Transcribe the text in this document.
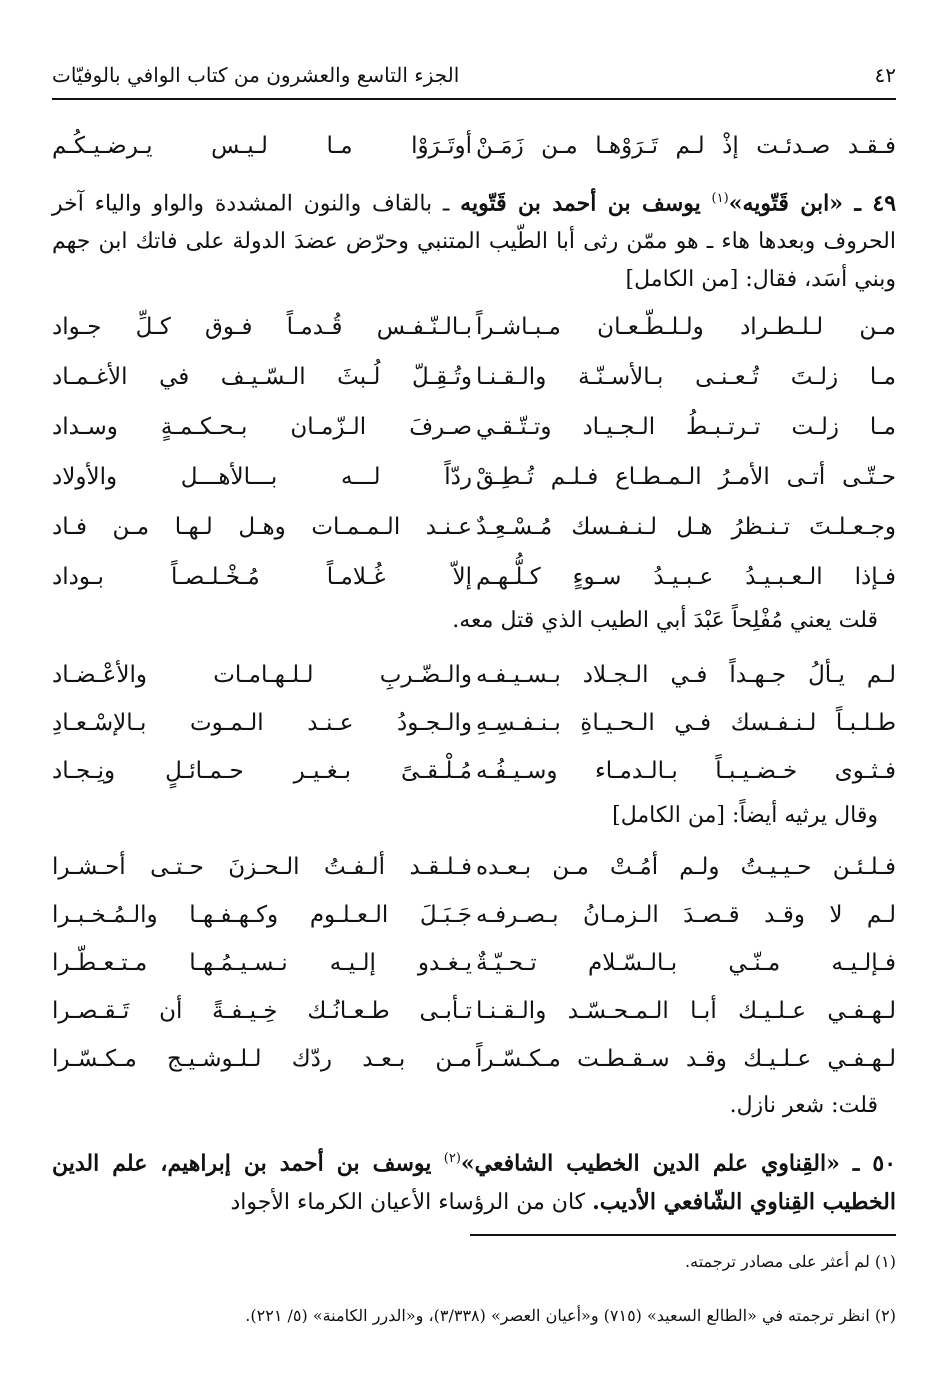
٤٢
الجزء التاسع والعشرون من كتاب الوافي بالوفيّات
فـقـد صـدئـت إذْ لـم تَـرَوْهـا مـن زَمَـنْ
أوتَـرَوْا مـا لـيـس يـرضـيـكُـم
٤٩ ـ «ابن قَتّويه»$^{(١)}$ يوسف بن أحمد بن قَتّويه ـ بالقاف والنون المشددة والواو والياء آخر الحروف وبعدها هاء ـ هو ممّن رثى أبا الطّيب المتنبي وحرّض عضدَ الدولة على فاتك ابن جهم وبني أسَد، فقال: [من الكامل]
مـن لـلـطـراد ولـلـطّـعـان مـبـاشـراً
بـالـنّـفـس قُـدمـاً فـوق كـلِّ جـواد
مـا زلـتَ تُـعـنـى بـالأسـنّـة والـقـنـا
وتُـقِـلّ لُـبثَ الـسّـيـف في الأغـمـاد
مـا زلـت تـرتـبـطُ الـجـيـاد وتـتّـقـي
صـرفَ الـزّمـان بـحـكـمـةٍ وسـداد
حـتّـى أتـى الأمـرُ الـمـطـاع فـلـم تُـطِـقْ
ردّاً لـــه بـــالأهـــل والأولاد
وجـعـلـتَ تـنـظرُ هـل لـنـفـسك مُـسْـعِـدٌ
عـنـد الـمـمـات وهـل لـهـا مـن فـاد
فـإذا الـعـبـيـدُ عـبـيـدُ سـوءٍ كـلُّـهـم
إلاّ غُـلامـاً مُـخْـلـصـاً بـوداد
قلت يعني مُفْلِحاً عَبْدَ أبي الطيب الذي قتل معه.
لـم يـألُ جـهـداً فـي الـجـلاد بـسـيـفـه
والـضّـربِ لـلـهـامـات والأعْـضـاد
طـلـبـاً لـنـفـسك فـي الـحـيـاةِ بـنـفـسِـهِ
والـجـودُ عـنـد الـمـوت بـالإسْـعـادِ
فـثـوى خـضـيـبـاً بـالـدمـاء وسـيـفُـه
مُـلْـقـىً بـغـيـر حـمـائـلٍ ونِـجـاد
وقال يرثيه أيضاً: [من الكامل]
فـلـئـن حـيـيـتُ ولـم أمُـتْ مـن بـعـده
فـلـقـد ألـفـتُ الـحـزنَ حـتـى أحـشـرا
لـم لا وقـد قـصـدَ الـزمـانُ بـصـرفـه
جَـبَـلَ الـعـلـوم وكـهـفـهـا والـمُـخـبـرا
فـإلـيـه مـنّـي بـالـسّـلام تـحـيّـةٌ
يـغـدو إلـيـه نـسـيـمُـهـا مـتـعـطّـرا
لـهـفـي عـلـيـك أبـا الـمـحـسّـد والـقـنـا
تـأبـى طـعـانُـك خِـيـفـةً أن تَـقـصـرا
لـهـفـي عـلـيـك وقـد سـقـطـت مـكـسّـراً
مـن بـعـد ردّك لـلـوشـيـج مـكـسّـرا
قلت: شعر نازل.
٥٠ ـ «القِناوي علم الدين الخطيب الشافعي»$^{(٢)}$ يوسف بن أحمد بن إبراهيم، علم الدين الخطيب القِناوي الشّافعي الأديب. كان من الرؤساء الأعيان الكرماء الأجواد
(١) لم أعثر على مصادر ترجمته.
(٢) انظر ترجمته في «الطالع السعيد» (٧١٥) و«أعيان العصر» (٣/٣٣٨)، و«الدرر الكامنة» (٥/ ٢٢١).
